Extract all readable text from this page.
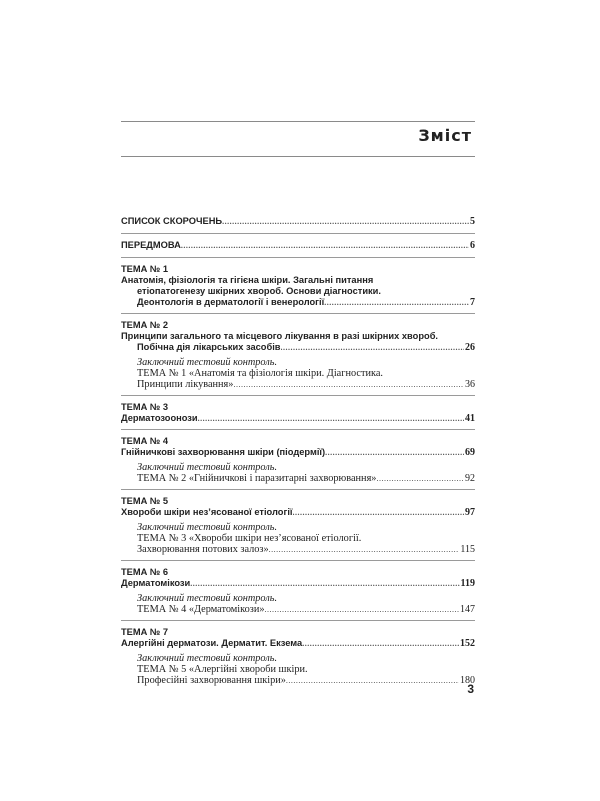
Зміст
СПИСОК СКОРОЧЕНЬ .....	5
ПЕРЕДМОВА .....	6
ТЕМА № 1
Анатомія, фізіологія та гігієна шкіри. Загальні питання
етіопатогенезу шкірних хвороб. Основи діагностики.
Деонтологія в дерматології і венерології .....	7
ТЕМА № 2
Принципи загального та місцевого лікування в разі шкірних хвороб.
Побічна дія лікарських засобів .....	26
Заключний тестовий контроль.
ТЕМА № 1 «Анатомія та фізіологія шкіри. Діагностика.
Принципи лікування» .....	36
ТЕМА № 3
Дерматозоонози .....	41
ТЕМА № 4
Гнійничкові захворювання шкіри (піодермії) .....	69
Заключний тестовий контроль.
ТЕМА № 2 «Гнійничкові і паразитарні захворювання» .....	92
ТЕМА № 5
Хвороби шкіри нез’ясованої етіології .....	97
Заключний тестовий контроль.
ТЕМА № 3 «Хвороби шкіри нез’ясованої етіології.
Захворювання потових залоз» .....	115
ТЕМА № 6
Дерматомікози .....	119
Заключний тестовий контроль.
ТЕМА № 4 «Дерматомікози» .....	147
ТЕМА № 7
Алергійні дерматози. Дерматит. Екзема .....	152
Заключний тестовий контроль.
ТЕМА № 5 «Алергійні хвороби шкіри.
Професійні захворювання шкіри» .....	180
3
